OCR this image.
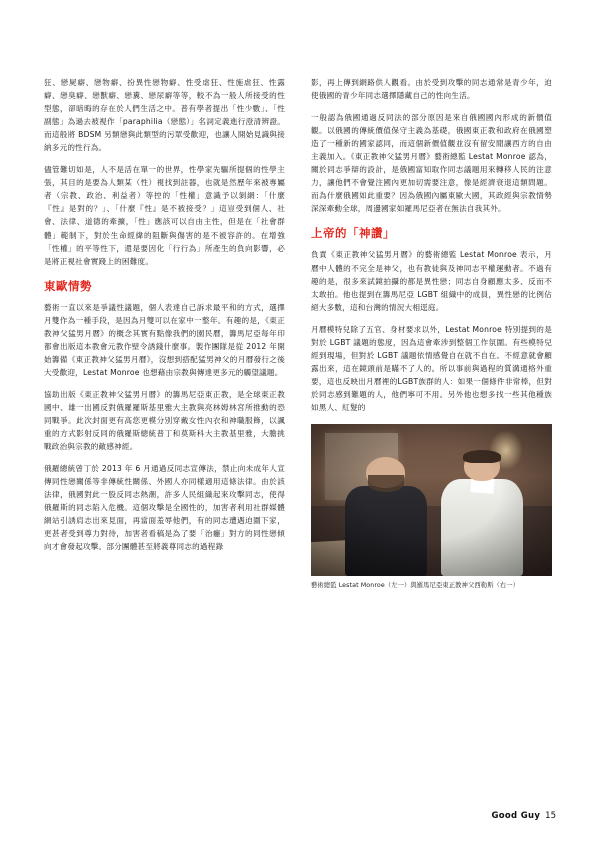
狂、戀屍癖、戀物癖、扮異性戀物癖、性受虐狂、性施虐狂、性露癖、戀臭癖、戀獸癖、戀糞、戀尿癖等等，較不為一般人所接受的性型態，卻暗晦的存在於人們生活之中。普有學者提出「性少數」、「性副態」為過去被視作「paraphilia（戀態）」名詞定義進行澄清辨證。而這般將 BDSM 另類戀與此類型的污眾受歡迎，也讓人開始見識與接納多元的性行為。

儘管難切如是，人不是活在單一的世界，性學家先驅所提個的性學主張，其目的是要為人類某（性）視找到註器，也就是然歷年來被專屬者（宗教、政治、利益者）等控的「性權」意識予以剝網：「什麼『性』是對的？」、「什麼『性』是不被接受？」這豈受到個人、社會、法律、道德的牽擴，「性」應該可以自由主性，但是在「社會群體」範制下，對於生命經緯的阻斷與傷害的是不被容許的。在增強「性權」的平等性下，還是要因化「行行為」所產生的負向影響，必是將正視社會實踐上的困難度。

東歐情勢

藝術一直以來是爭議性議題，個人表達自己訴求最平和的方式，選擇月雙作為一種手段，是因為月雙可以在家中一整年。有趣的是，《東正教神父猛男月曆》的概念其實有點像我們的園民曆，籌馬尼亞每年印都會出版這本教會元教作壁令誘錢什麼事。製作團隊是從 2012 年開始籌備《東正教神父猛男月曆》，沒想到搭配猛男神父的月曆發行之後大受歡迎，Lestat Monroe 也想藉由宗教與傳達更多元的觸望議題。

協助出版《東正教神父猛男月曆》的籌馬尼亞東正教，是全球東正教國中、雄一出國反對俄羅羅斯基里雅大主教與亮林姆林宮所推動的恐同戰爭。此次封面更有高您更模分別穿戴女性內衣和神職服飾，以諷重的方式影射反同的俄羅斯總統普丁和莫斯科大主教基里雅，大膽挑戰政治與宗教的敵感神經。

俄羅總統曾丁於 2013 年 6 月通過反同志宣傳法，禁止向未成年人宣傳同性戀關係等非傳統性關係、外國人亦同樣適用這條法律。由於該法律，俄國對此一股反同志熱潮，許多人民組織起來攻擊同志，使得俄羅斯的同志陷入危機。這個攻擊是全國性的，加害者利用社群媒體網站引誘肩志出來見面，再當面羞辱他們，有的同志遭遇迫圍下家，更甚者受到尊力對待，加害者看稿是為了要「治癰」對方的同性戀傾向才會發起攻擊。部分團體甚至將義尊同志的過程錄

影，再上傳到網路供人觀看。由於受到攻擊的同志通常是青少年，迫使俄國的青少年同志選擇隱藏自己的性向生活。

一般認為俄國通過反同法的部分原因是來自俄國國內形成的新價值觀。以俄國的傳統價值保守主義為基礎，俄國東正教和政府在俄國塑造了一種新的國家認同，而這個新價值觀並沒有留安閒讓西方的自由主義加入。《東正教神父猛男月曆》藝術總監 Lestat Monroe 認為，關於同志爭辯的設計，是俄國富知取作同志議題用來轉移人民的注意力，讓他們不會覺注國內更加切需要注意，像是經濟衰退這類問題。而為什麼俄國如此重要？因為俄國內屬東歐大國，其政經與宗教情勢深深牽動全球，周邊國家如羅馬尼亞者在無法自我其外。

上帝的「神讚」

負責《東正教神父猛男月曆》的藝術總監 Lestat Monroe 表示，月曆中人體的不完全是神父，也有教徒與及神同志平權運動者。不過有趣的是，很多來試鏡拍攝的都是異性戀；同志自身顧應太多、反而不太敢拍。他也提到在籌馬尼亞 LGBT 組織中的成員，異性戀的比例佔絕大多數，這和台灣的情況大相逕庭。

月曆模特兒除了五官、身材要求以外，Lestat Monroe 特別提到的是對於 LGBT 議題的態度，因為這會牽涉到整個工作氛圍。有些模特兒經到現場，但對於 LGBT 議題依情感覺自在就不自在。不經意就會顧露出來，這在鏡頭前是瞞不了人的。所以事前與過程的質溝通格外重要，這也反映出月曆裡的LGBT族群的人：如果一個條件非常棒，但對於同志感到難題的人，他們寧可不用。另外他也想多找一些其他種族如黑人、紅髮的

藝術總監 Lestat Monroe（左一）與羅馬尼亞東正教神父西勒斯（右一）
Good Guy 15
